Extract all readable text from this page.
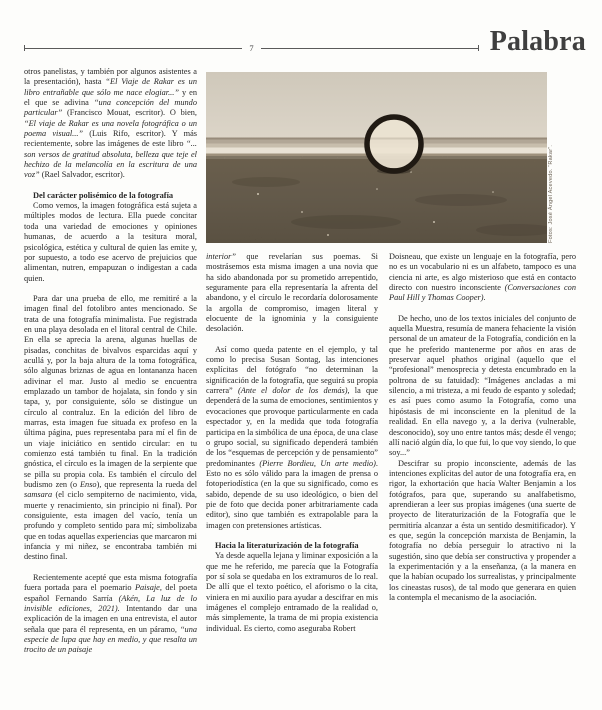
7	Palabra
Fotos: José Ángel Acevedo. “Rakar”.

otros panelistas, y también por algunos asistentes a la presentación), hasta “El Viaje de Rakar es un libro entrañable que sólo me nace elogiar...” y en el que se adivina “una concepción del mundo particular” (Francisco Mouat, escritor). O bien, “El viaje de Rakar es una novela fotográfica o un poema visual...” (Luis Rifo, escritor). Y más recientemente, sobre las imágenes de este libro “... son versos de gratitud absoluta, belleza que teje el hechizo de la melancolía en la escritura de una voz” (Rael Salvador, escritor).

Del carácter polisémico de la fotografía

Como vemos, la imagen fotográfica está sujeta a múltiples modos de lectura. Ella puede concitar toda una variedad de emociones y opiniones humanas, de acuerdo a la tesitura moral, psicológica, estética y cultural de quien las emite y, por supuesto, a todo ese acervo de prejuicios que alimentan, nutren, empapuzan o indigestan a cada quien.

Para dar una prueba de ello, me remitiré a la imagen final del fotolibro antes mencionado. Se trata de una fotografía minimalista. Fue registrada en una playa desolada en el litoral central de Chile. En ella se aprecia la arena, algunas huellas de pisadas, conchitas de bivalvos esparcidas aquí y acullá y, por la baja altura de la toma fotográfica, sólo algunas briznas de agua en lontananza hacen adivinar el mar. Justo al medio se encuentra emplazado un tambor de hojalata, sin fondo y sin tapa, y, por consiguiente, sólo se distingue un círculo al contraluz. En la edición del libro de marras, esta imagen fue situada ex profeso en la última página, pues representaba para mí el fin de un viaje iniciático en sentido circular: en tu comienzo está también tu final. En la tradición gnóstica, el círculo es la imagen de la serpiente que se pilla su propia cola. Es también el círculo del budismo zen (o Enso), que representa la rueda del samsara (el ciclo sempiterno de nacimiento, vida, muerte y renacimiento, sin principio ni final). Por consiguiente, esta imagen del vacío, tenía un profundo y completo sentido para mí; simbolizaba que en todas aquellas experiencias que marcaron mi infancia y mi niñez, se encontraba también mi destino final.

Recientemente acepté que esta misma fotografía fuera portada para el poemario Paisaje, del poeta español Fernando Sarría (Akén, La luz de lo invisible ediciones, 2021). Intentando dar una explicación de la imagen en una entrevista, el autor señala que para él representa, en un páramo, “una especie de lupa que hay en medio, y que resalta un trocito de un paisaje

interior” que revelarían sus poemas. Si mostrásemos esta misma imagen a una novia que ha sido abandonada por su prometido arrepentido, seguramente para ella representaría la afrenta del abandono, y el círculo le recordaría dolorosamente la argolla de compromiso, imagen literal y elocuente de la ignominia y la consiguiente desolación.

Así como queda patente en el ejemplo, y tal como lo precisa Susan Sontag, las intenciones explícitas del fotógrafo “no determinan la significación de la fotografía, que seguirá su propia carrera” (Ante el dolor de los demás), la que dependerá de la suma de emociones, sentimientos y evocaciones que provoque particularmente en cada espectador y, en la medida que toda fotografía participa en la simbólica de una época, de una clase o grupo social, su significado dependerá también de los “esquemas de percepción y de pensamiento” predominantes (Pierre Bordieu, Un arte medio). Esto no es sólo válido para la imagen de prensa o fotoperiodística (en la que su significado, como es sabido, depende de su uso ideológico, o bien del pie de foto que decida poner arbitrariamente cada editor), sino que también es extrapolable para la imagen con pretensiones artísticas.

Hacia la literaturización de la fotografía

Ya desde aquella lejana y liminar exposición a la que me he referido, me parecía que la Fotografía por sí sola se quedaba en los extramuros de lo real. De allí que el texto poético, el aforismo o la cita, viniera en mi auxilio para ayudar a descifrar en mis imágenes el complejo entramado de la realidad o, más simplemente, la trama de mi propia existencia individual. Es cierto, como aseguraba Robert

Doisneau, que existe un lenguaje en la fotografía, pero no es un vocabulario ni es un alfabeto, tampoco es una ciencia ni arte, es algo misterioso que está en contacto directo con nuestro inconsciente (Conversaciones con Paul Hill y Thomas Cooper).

De hecho, uno de los textos iniciales del conjunto de aquella Muestra, resumía de manera fehaciente la visión personal de un amateur de la Fotografía, condición en la que he preferido mantenerme por años en aras de preservar aquel phathos original (aquello que el “profesional” menosprecia y detesta encumbrado en la poltrona de su fatuidad): “Imágenes ancladas a mi silencio, a mi tristeza, a mi feudo de espanto y soledad; es así pues como asumo la Fotografía, como una hipóstasis de mi inconsciente en la plenitud de la realidad. En ella navego y, a la deriva (vulnerable, desconocido), soy uno entre tantos más; desde él vengo; allí nació algún día, lo que fui, lo que voy siendo, lo que soy...”

Descifrar su propio inconsciente, además de las intenciones explícitas del autor de una fotografía era, en rigor, la exhortación que hacía Walter Benjamin a los fotógrafos, para que, superando su analfabetismo, aprendieran a leer sus propias imágenes (una suerte de proyecto de literaturización de la Fotografía que le permitiría alcanzar a ésta un sentido desmitificador). Y es que, según la concepción marxista de Benjamin, la fotografía no debía perseguir lo atractivo ni la sugestión, sino que debía ser constructiva y propender a la experimentación y a la enseñanza, (a la manera en que la habían ocupado los surrealistas, y principalmente los cineastas rusos), de tal modo que generara en quien la contempla el mecanismo de la asociación.
